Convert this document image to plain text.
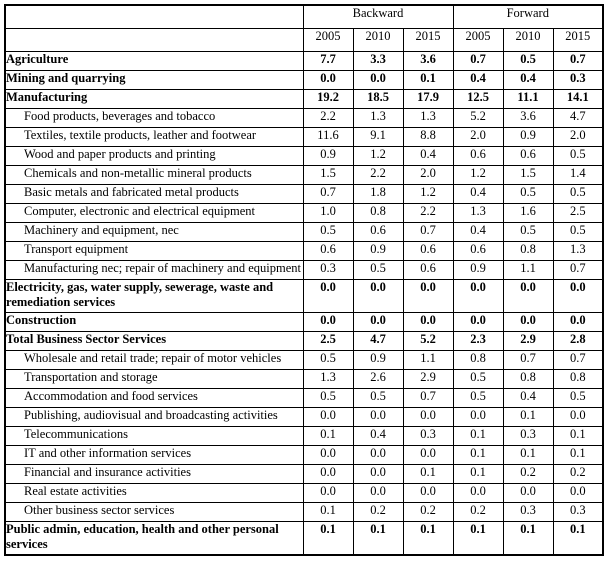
	Backward			Forward		
	2005	2010	2015	2005	2010	2015
Agriculture	7.7	3.3	3.6	0.7	0.5	0.7
Mining and quarrying	0.0	0.0	0.1	0.4	0.4	0.3
Manufacturing	19.2	18.5	17.9	12.5	11.1	14.1
Food products, beverages and tobacco	2.2	1.3	1.3	5.2	3.6	4.7
Textiles, textile products, leather and footwear	11.6	9.1	8.8	2.0	0.9	2.0
Wood and paper products and printing	0.9	1.2	0.4	0.6	0.6	0.5
Chemicals and non-metallic mineral products	1.5	2.2	2.0	1.2	1.5	1.4
Basic metals and fabricated metal products	0.7	1.8	1.2	0.4	0.5	0.5
Computer, electronic and electrical equipment	1.0	0.8	2.2	1.3	1.6	2.5
Machinery and equipment, nec	0.5	0.6	0.7	0.4	0.5	0.5
Transport equipment	0.6	0.9	0.6	0.6	0.8	1.3
Manufacturing nec; repair of machinery and equipment	0.3	0.5	0.6	0.9	1.1	0.7
Electricity, gas, water supply, sewerage, waste and remediation services	0.0	0.0	0.0	0.0	0.0	0.0
Construction	0.0	0.0	0.0	0.0	0.0	0.0
Total Business Sector Services	2.5	4.7	5.2	2.3	2.9	2.8
Wholesale and retail trade; repair of motor vehicles	0.5	0.9	1.1	0.8	0.7	0.7
Transportation and storage	1.3	2.6	2.9	0.5	0.8	0.8
Accommodation and food services	0.5	0.5	0.7	0.5	0.4	0.5
Publishing, audiovisual and broadcasting activities	0.0	0.0	0.0	0.0	0.1	0.0
Telecommunications	0.1	0.4	0.3	0.1	0.3	0.1
IT and other information services	0.0	0.0	0.0	0.1	0.1	0.1
Financial and insurance activities	0.0	0.0	0.1	0.1	0.2	0.2
Real estate activities	0.0	0.0	0.0	0.0	0.0	0.0
Other business sector services	0.1	0.2	0.2	0.2	0.3	0.3
Public admin, education, health and other personal services	0.1	0.1	0.1	0.1	0.1	0.1
